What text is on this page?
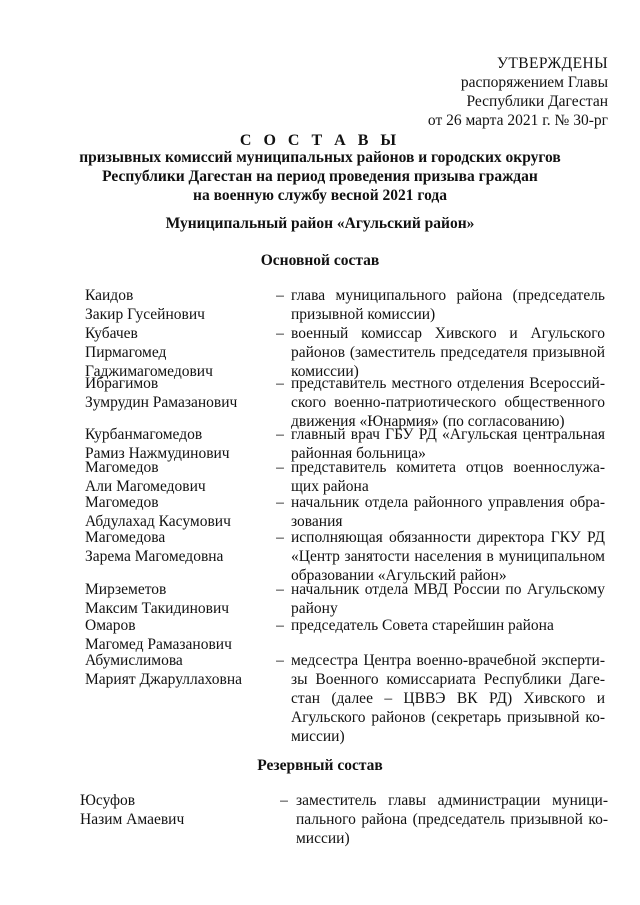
УТВЕРЖДЕНЫ
распоряжением Главы
Республики Дагестан
от 26 марта 2021 г. № 30-рг
С О С Т А В Ы
призывных комиссий муниципальных районов и городских округов
Республики Дагестан на период проведения призыва граждан
на военную службу весной 2021 года
Муниципальный район «Агульский район»
Основной состав
Каидов
Закир Гусейнович
– глава муниципального района (председатель
призывной комиссии)
Кубачев
Пирмагомед
Гаджимагомедович
– военный комиссар Хивского и Агульского
районов (заместитель председателя призывной
комиссии)
Ибрагимов
Зумрудин Рамазанович
– представитель местного отделения Всероссий-
ского военно-патриотического общественного
движения «Юнармия» (по согласованию)
Курбанмагомедов
Рамиз Нажмудинович
– главный врач ГБУ РД «Агульская центральная
районная больница»
Магомедов
Али Магомедович
– представитель комитета отцов военнослужа-
щих района
Магомедов
Абдулахад Касумович
– начальник отдела районного управления обра-
зования
Магомедова
Зарема Магомедовна
– исполняющая обязанности директора ГКУ РД
«Центр занятости населения в муниципальном
образовании «Агульский район»
Мирземетов
Максим Такидинович
– начальник отдела МВД России по Агульскому
району
Омаров
Магомед Рамазанович
– председатель Совета старейшин района
Абумислимова
Марият Джаруллаховна
– медсестра Центра военно-врачебной эксперти-
зы Военного комиссариата Республики Даге-
стан (далее – ЦВВЭ ВК РД) Хивского и
Агульского районов (секретарь призывной ко-
миссии)
Резервный состав
Юсуфов
Назим Амаевич
– заместитель главы администрации муници-
пального района (председатель призывной ко-
миссии)
